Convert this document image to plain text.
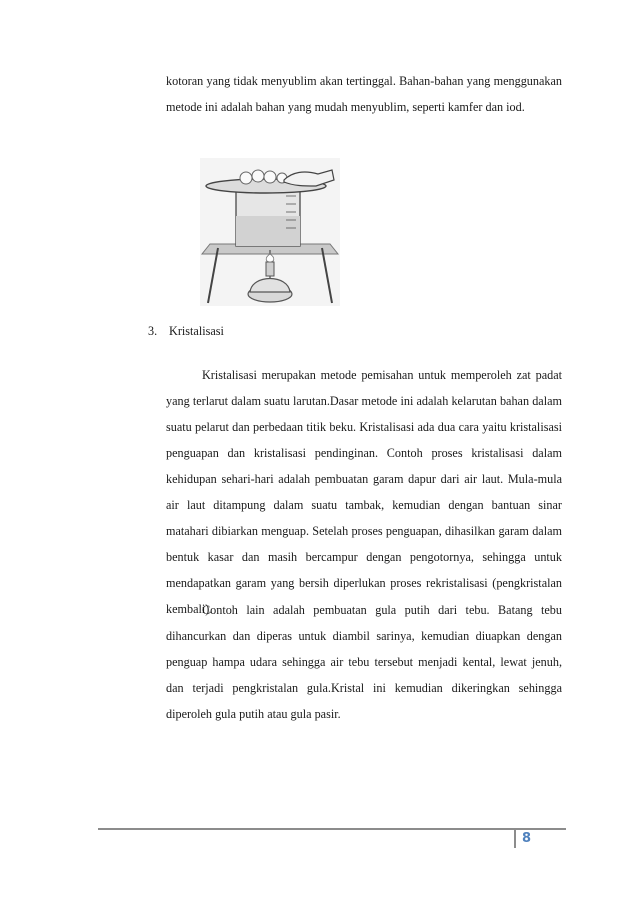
kotoran yang tidak menyublim akan tertinggal. Bahan-bahan yang menggunakan metode ini adalah bahan yang mudah menyublim, seperti kamfer dan iod.

3. Kristalisasi

Kristalisasi merupakan metode pemisahan untuk memperoleh zat padat yang terlarut dalam suatu larutan.Dasar metode ini adalah kelarutan bahan dalam suatu pelarut dan perbedaan titik beku. Kristalisasi ada dua cara yaitu kristalisasi penguapan dan kristalisasi pendinginan. Contoh proses kristalisasi dalam kehidupan sehari-hari adalah pembuatan garam dapur dari air laut. Mula-mula air laut ditampung dalam suatu tambak, kemudian dengan bantuan sinar matahari dibiarkan menguap. Setelah proses penguapan, dihasilkan garam dalam bentuk kasar dan masih bercampur dengan pengotornya, sehingga untuk mendapatkan garam yang bersih diperlukan proses rekristalisasi (pengkristalan kembali).

Contoh lain adalah pembuatan gula putih dari tebu. Batang tebu dihancurkan dan diperas untuk diambil sarinya, kemudian diuapkan dengan penguap hampa udara sehingga air tebu tersebut menjadi kental, lewat jenuh, dan terjadi pengkristalan gula.Kristal ini kemudian dikeringkan sehingga diperoleh gula putih atau gula pasir.

8
